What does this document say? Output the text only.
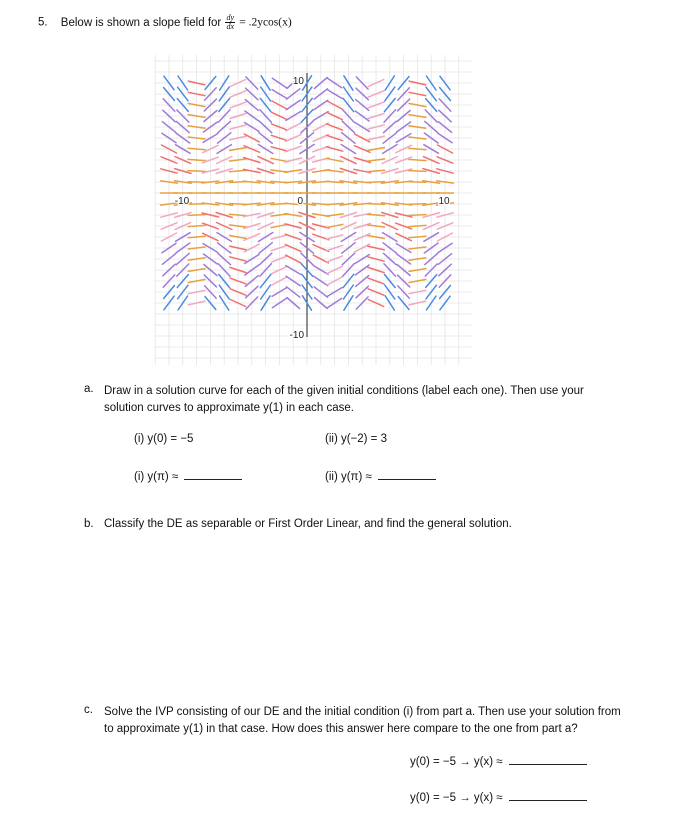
5. Below is shown a slope field for $\frac{dy}{dx} = .2ycos(x)$
10
-10
-10	0	10
a. Draw in a solution curve for each of the given initial conditions (label each one). Then use your
solution curves to approximate y(1) in each case.
(i) y(0) = −5	(ii) y(−2) = 3
(i) y(π) ≈	(ii) y(π) ≈
b. Classify the DE as separable or First Order Linear, and find the general solution.
c. Solve the IVP consisting of our DE and the initial condition (i) from part a. Then use your solution from
to approximate y(1) in that case. How does this answer here compare to the one from part a?
y(0) = −5 → y(x) ≈
y(0) = −5 → y(x) ≈
